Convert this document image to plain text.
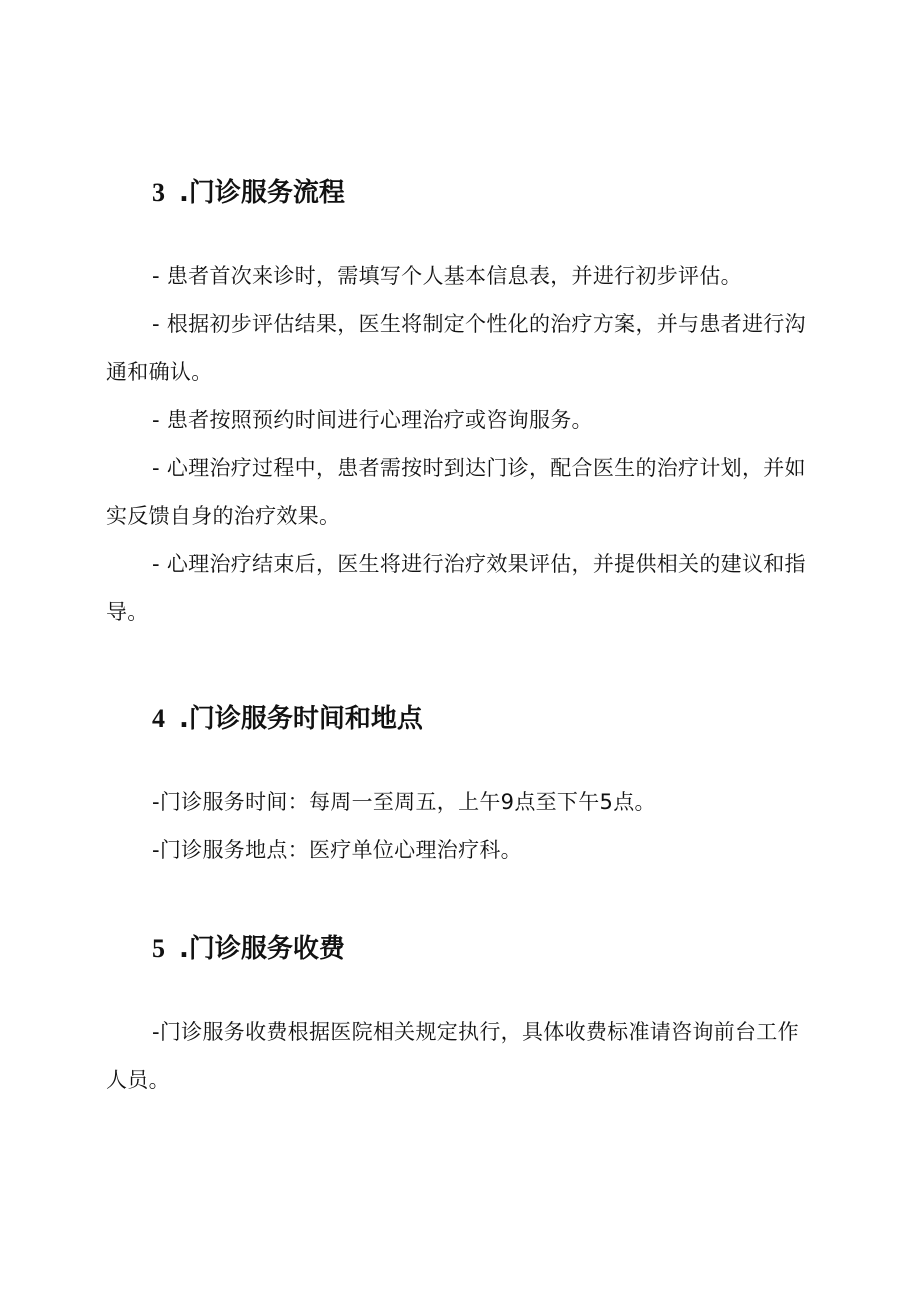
3 .门诊服务流程

- 患者首次来诊时，需填写个人基本信息表，并进行初步评估。

- 根据初步评估结果，医生将制定个性化的治疗方案，并与患者进行沟通和确认。

- 患者按照预约时间进行心理治疗或咨询服务。

- 心理治疗过程中，患者需按时到达门诊，配合医生的治疗计划，并如实反馈自身的治疗效果。

- 心理治疗结束后，医生将进行治疗效果评估，并提供相关的建议和指导。

4 .门诊服务时间和地点

-门诊服务时间：每周一至周五，上午9点至下午5点。

-门诊服务地点：医疗单位心理治疗科。

5 .门诊服务收费

-门诊服务收费根据医院相关规定执行，具体收费标准请咨询前台工作人员。
